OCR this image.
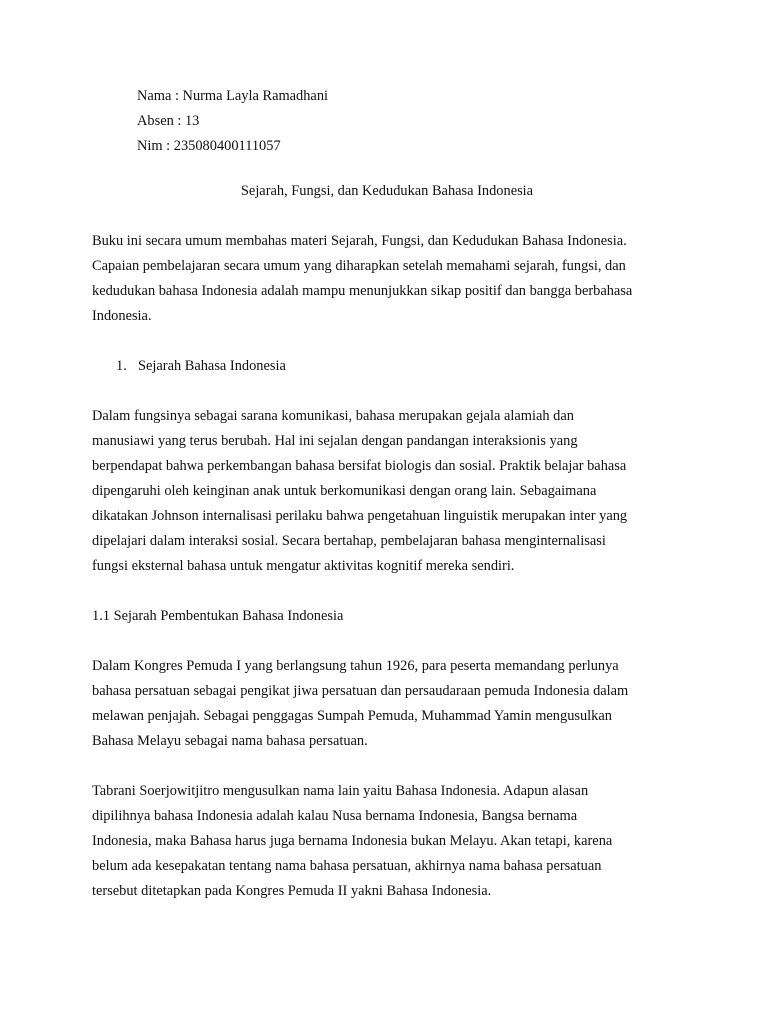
Nama : Nurma Layla Ramadhani
Absen : 13
Nim : 235080400111057
Sejarah, Fungsi, dan Kedudukan Bahasa Indonesia
Buku ini secara umum membahas materi Sejarah, Fungsi, dan Kedudukan Bahasa Indonesia.
Capaian pembelajaran secara umum yang diharapkan setelah memahami sejarah, fungsi, dan
kedudukan bahasa Indonesia adalah mampu menunjukkan sikap positif dan bangga berbahasa
Indonesia.
1. Sejarah Bahasa Indonesia
Dalam fungsinya sebagai sarana komunikasi, bahasa merupakan gejala alamiah dan
manusiawi yang terus berubah. Hal ini sejalan dengan pandangan interaksionis yang
berpendapat bahwa perkembangan bahasa bersifat biologis dan sosial. Praktik belajar bahasa
dipengaruhi oleh keinginan anak untuk berkomunikasi dengan orang lain. Sebagaimana
dikatakan Johnson internalisasi perilaku bahwa pengetahuan linguistik merupakan inter yang
dipelajari dalam interaksi sosial. Secara bertahap, pembelajaran bahasa menginternalisasi
fungsi eksternal bahasa untuk mengatur aktivitas kognitif mereka sendiri.
1.1 Sejarah Pembentukan Bahasa Indonesia
Dalam Kongres Pemuda I yang berlangsung tahun 1926, para peserta memandang perlunya
bahasa persatuan sebagai pengikat jiwa persatuan dan persaudaraan pemuda Indonesia dalam
melawan penjajah. Sebagai penggagas Sumpah Pemuda, Muhammad Yamin mengusulkan
Bahasa Melayu sebagai nama bahasa persatuan.
Tabrani Soerjowitjitro mengusulkan nama lain yaitu Bahasa Indonesia. Adapun alasan
dipilihnya bahasa Indonesia adalah kalau Nusa bernama Indonesia, Bangsa bernama
Indonesia, maka Bahasa harus juga bernama Indonesia bukan Melayu. Akan tetapi, karena
belum ada kesepakatan tentang nama bahasa persatuan, akhirnya nama bahasa persatuan
tersebut ditetapkan pada Kongres Pemuda II yakni Bahasa Indonesia.
